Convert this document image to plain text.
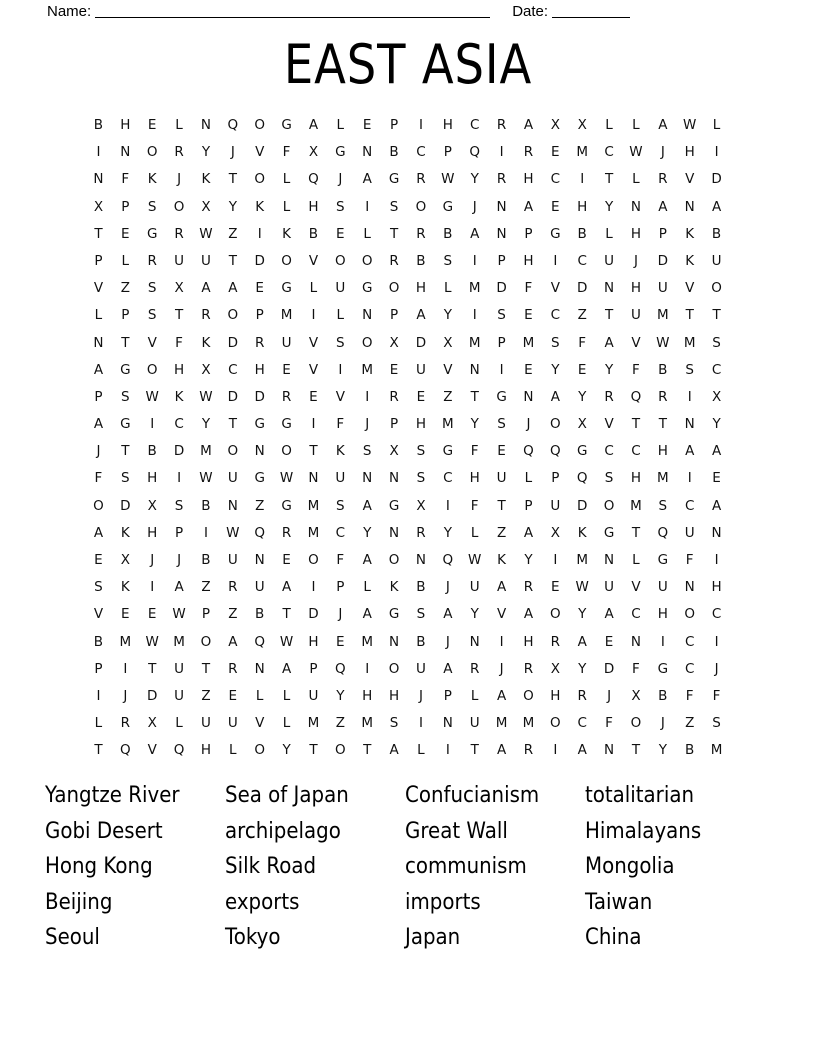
Name:	Date:
EAST ASIA
B	H	E	L	N	Q	O	G	A	L	E	P	I	H	C	R	A	X	X	L	L	A	W	L
I	N	O	R	Y	J	V	F	X	G	N	B	C	P	Q	I	R	E	M	C	W	J	H	I
N	F	K	J	K	T	O	L	Q	J	A	G	R	W	Y	R	H	C	I	T	L	R	V	D
X	P	S	O	X	Y	K	L	H	S	I	S	O	G	J	N	A	E	H	Y	N	A	N	A
T	E	G	R	W	Z	I	K	B	E	L	T	R	B	A	N	P	G	B	L	H	P	K	B
P	L	R	U	U	T	D	O	V	O	O	R	B	S	I	P	H	I	C	U	J	D	K	U
V	Z	S	X	A	A	E	G	L	U	G	O	H	L	M	D	F	V	D	N	H	U	V	O
L	P	S	T	R	O	P	M	I	L	N	P	A	Y	I	S	E	C	Z	T	U	M	T	T
N	T	V	F	K	D	R	U	V	S	O	X	D	X	M	P	M	S	F	A	V	W	M	S
A	G	O	H	X	C	H	E	V	I	M	E	U	V	N	I	E	Y	E	Y	F	B	S	C
P	S	W	K	W	D	D	R	E	V	I	R	E	Z	T	G	N	A	Y	R	Q	R	I	X
A	G	I	C	Y	T	G	G	I	F	J	P	H	M	Y	S	J	O	X	V	T	T	N	Y
J	T	B	D	M	O	N	O	T	K	S	X	S	G	F	E	Q	Q	G	C	C	H	A	A
F	S	H	I	W	U	G	W	N	U	N	N	S	C	H	U	L	P	Q	S	H	M	I	E
O	D	X	S	B	N	Z	G	M	S	A	G	X	I	F	T	P	U	D	O	M	S	C	A
A	K	H	P	I	W	Q	R	M	C	Y	N	R	Y	L	Z	A	X	K	G	T	Q	U	N
E	X	J	J	B	U	N	E	O	F	A	O	N	Q	W	K	Y	I	M	N	L	G	F	I
S	K	I	A	Z	R	U	A	I	P	L	K	B	J	U	A	R	E	W	U	V	U	N	H
V	E	E	W	P	Z	B	T	D	J	A	G	S	A	Y	V	A	O	Y	A	C	H	O	C
B	M	W	M	O	A	Q	W	H	E	M	N	B	J	N	I	H	R	A	E	N	I	C	I
P	I	T	U	T	R	N	A	P	Q	I	O	U	A	R	J	R	X	Y	D	F	G	C	J
I	J	D	U	Z	E	L	L	U	Y	H	H	J	P	L	A	O	H	R	J	X	B	F	F
L	R	X	L	U	U	V	L	M	Z	M	S	I	N	U	M	M	O	C	F	O	J	Z	S
T	Q	V	Q	H	L	O	Y	T	O	T	A	L	I	T	A	R	I	A	N	T	Y	B	M
Yangtze River
Gobi Desert
Hong Kong
Beijing
Seoul
Sea of Japan
archipelago
Silk Road
exports
Tokyo
Confucianism
Great Wall
communism
imports
Japan
totalitarian
Himalayans
Mongolia
Taiwan
China
